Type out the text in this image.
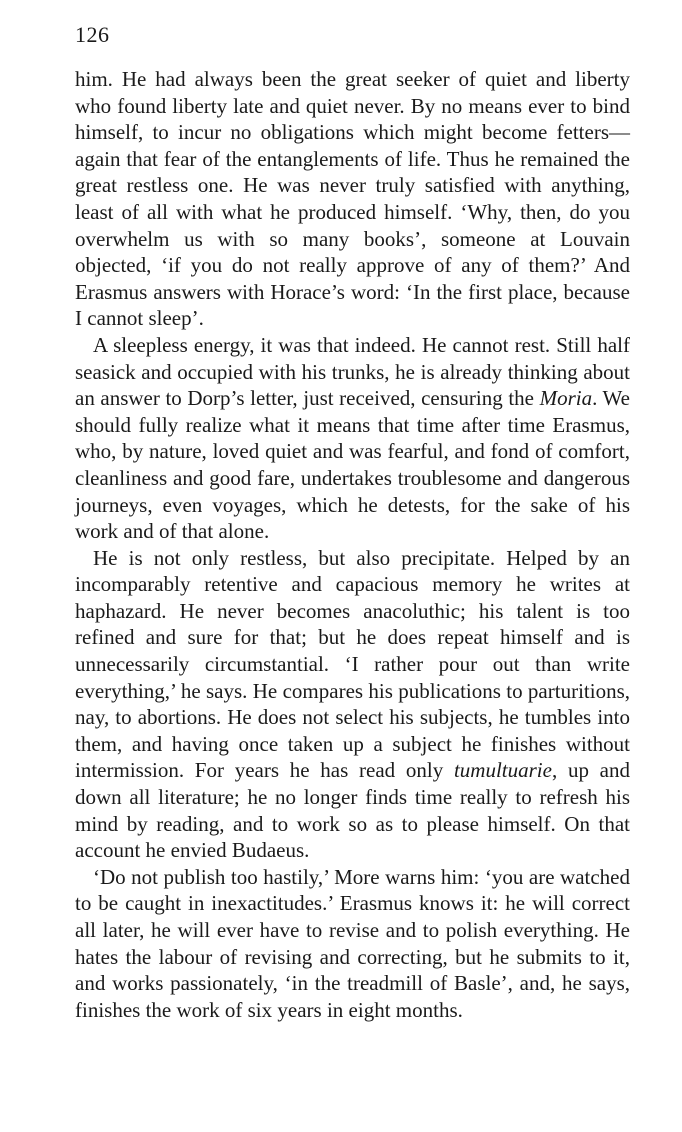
126

him. He had always been the great seeker of quiet and liberty who found liberty late and quiet never. By no means ever to bind himself, to incur no obligations which might become fetters—again that fear of the entanglements of life. Thus he remained the great restless one. He was never truly satisfied with anything, least of all with what he produced himself. ‘Why, then, do you overwhelm us with so many books’, someone at Louvain objected, ‘if you do not really approve of any of them?’ And Erasmus answers with Horace’s word: ‘In the first place, because I cannot sleep’.

A sleepless energy, it was that indeed. He cannot rest. Still half seasick and occupied with his trunks, he is already thinking about an answer to Dorp’s letter, just received, censuring the Moria. We should fully realize what it means that time after time Erasmus, who, by nature, loved quiet and was fearful, and fond of comfort, cleanliness and good fare, undertakes troublesome and dangerous journeys, even voyages, which he detests, for the sake of his work and of that alone.

He is not only restless, but also precipitate. Helped by an incomparably retentive and capacious memory he writes at haphazard. He never becomes anacoluthic; his talent is too refined and sure for that; but he does repeat himself and is unnecessarily circumstantial. ‘I rather pour out than write everything,’ he says. He compares his publications to parturitions, nay, to abortions. He does not select his subjects, he tumbles into them, and having once taken up a subject he finishes without intermission. For years he has read only tumultuarie, up and down all literature; he no longer finds time really to refresh his mind by reading, and to work so as to please himself. On that account he envied Budaeus.

‘Do not publish too hastily,’ More warns him: ‘you are watched to be caught in inexactitudes.’ Erasmus knows it: he will correct all later, he will ever have to revise and to polish everything. He hates the labour of revising and correcting, but he submits to it, and works passionately, ‘in the treadmill of Basle’, and, he says, finishes the work of six years in eight months.
